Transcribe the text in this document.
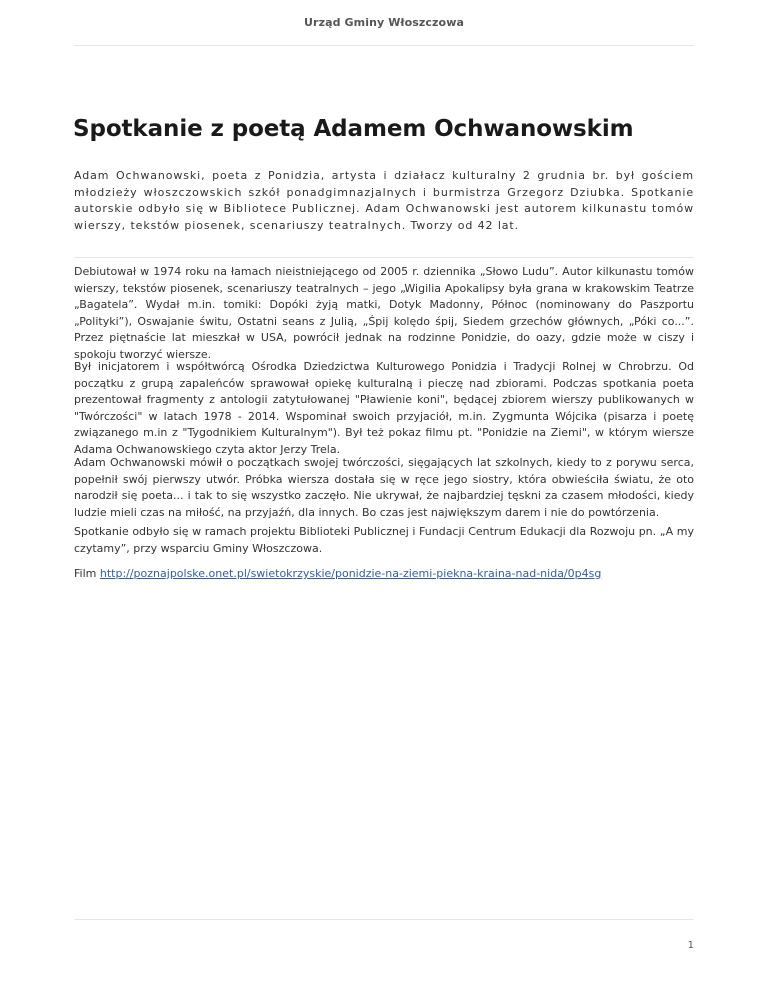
Urząd Gminy Włoszczowa
Spotkanie z poetą Adamem Ochwanowskim

Adam Ochwanowski, poeta z Ponidzia, artysta i działacz kulturalny 2 grudnia br. był gościem młodzieży włoszczowskich szkół ponadgimnazjalnych i burmistrza Grzegorz Dziubka. Spotkanie autorskie odbyło się w Bibliotece Publicznej. Adam Ochwanowski jest autorem kilkunastu tomów wierszy, tekstów piosenek, scenariuszy teatralnych. Tworzy od 42 lat.

Debiutował w 1974 roku na łamach nieistniejącego od 2005 r. dziennika „Słowo Ludu”. Autor kilkunastu tomów wierszy, tekstów piosenek, scenariuszy teatralnych – jego „Wigilia Apokalipsy była grana w krakowskim Teatrze „Bagatela”. Wydał m.in. tomiki: Dopóki żyją matki, Dotyk Madonny, Północ (nominowany do Paszportu „Polityki”), Oswajanie świtu, Ostatni seans z Julią, „Śpij kolędo śpij, Siedem grzechów głównych, „Póki co...”. Przez piętnaście lat mieszkał w USA, powrócił jednak na rodzinne Ponidzie, do oazy, gdzie może w ciszy i spokoju tworzyć wiersze.

Był inicjatorem i współtwórcą Ośrodka Dziedzictwa Kulturowego Ponidzia i Tradycji Rolnej w Chrobrzu. Od początku z grupą zapaleńców sprawował opiekę kulturalną i pieczę nad zbiorami. Podczas spotkania poeta prezentował fragmenty z antologii zatytułowanej "Pławienie koni", będącej zbiorem wierszy publikowanych w "Twórczości" w latach 1978 - 2014. Wspominał swoich przyjaciół, m.in. Zygmunta Wójcika (pisarza i poetę związanego m.in z "Tygodnikiem Kulturalnym"). Był też pokaz filmu pt. "Ponidzie na Ziemi", w którym wiersze Adama Ochwanowskiego czyta aktor Jerzy Trela.

Adam Ochwanowski mówił o początkach swojej twórczości, sięgających lat szkolnych, kiedy to z porywu serca, popełnił swój pierwszy utwór. Próbka wiersza dostała się w ręce jego siostry, która obwieściła światu, że oto narodził się poeta... i tak to się wszystko zaczęło. Nie ukrywał, że najbardziej tęskni za czasem młodości, kiedy ludzie mieli czas na miłość, na przyjaźń, dla innych. Bo czas jest największym darem i nie do powtórzenia.

Spotkanie odbyło się w ramach projektu Biblioteki Publicznej i Fundacji Centrum Edukacji dla Rozwoju pn. „A my czytamy”, przy wsparciu Gminy Włoszczowa.

Film http://poznajpolske.onet.pl/swietokrzyskie/ponidzie-na-ziemi-piekna-kraina-nad-nida/0p4sg

1
